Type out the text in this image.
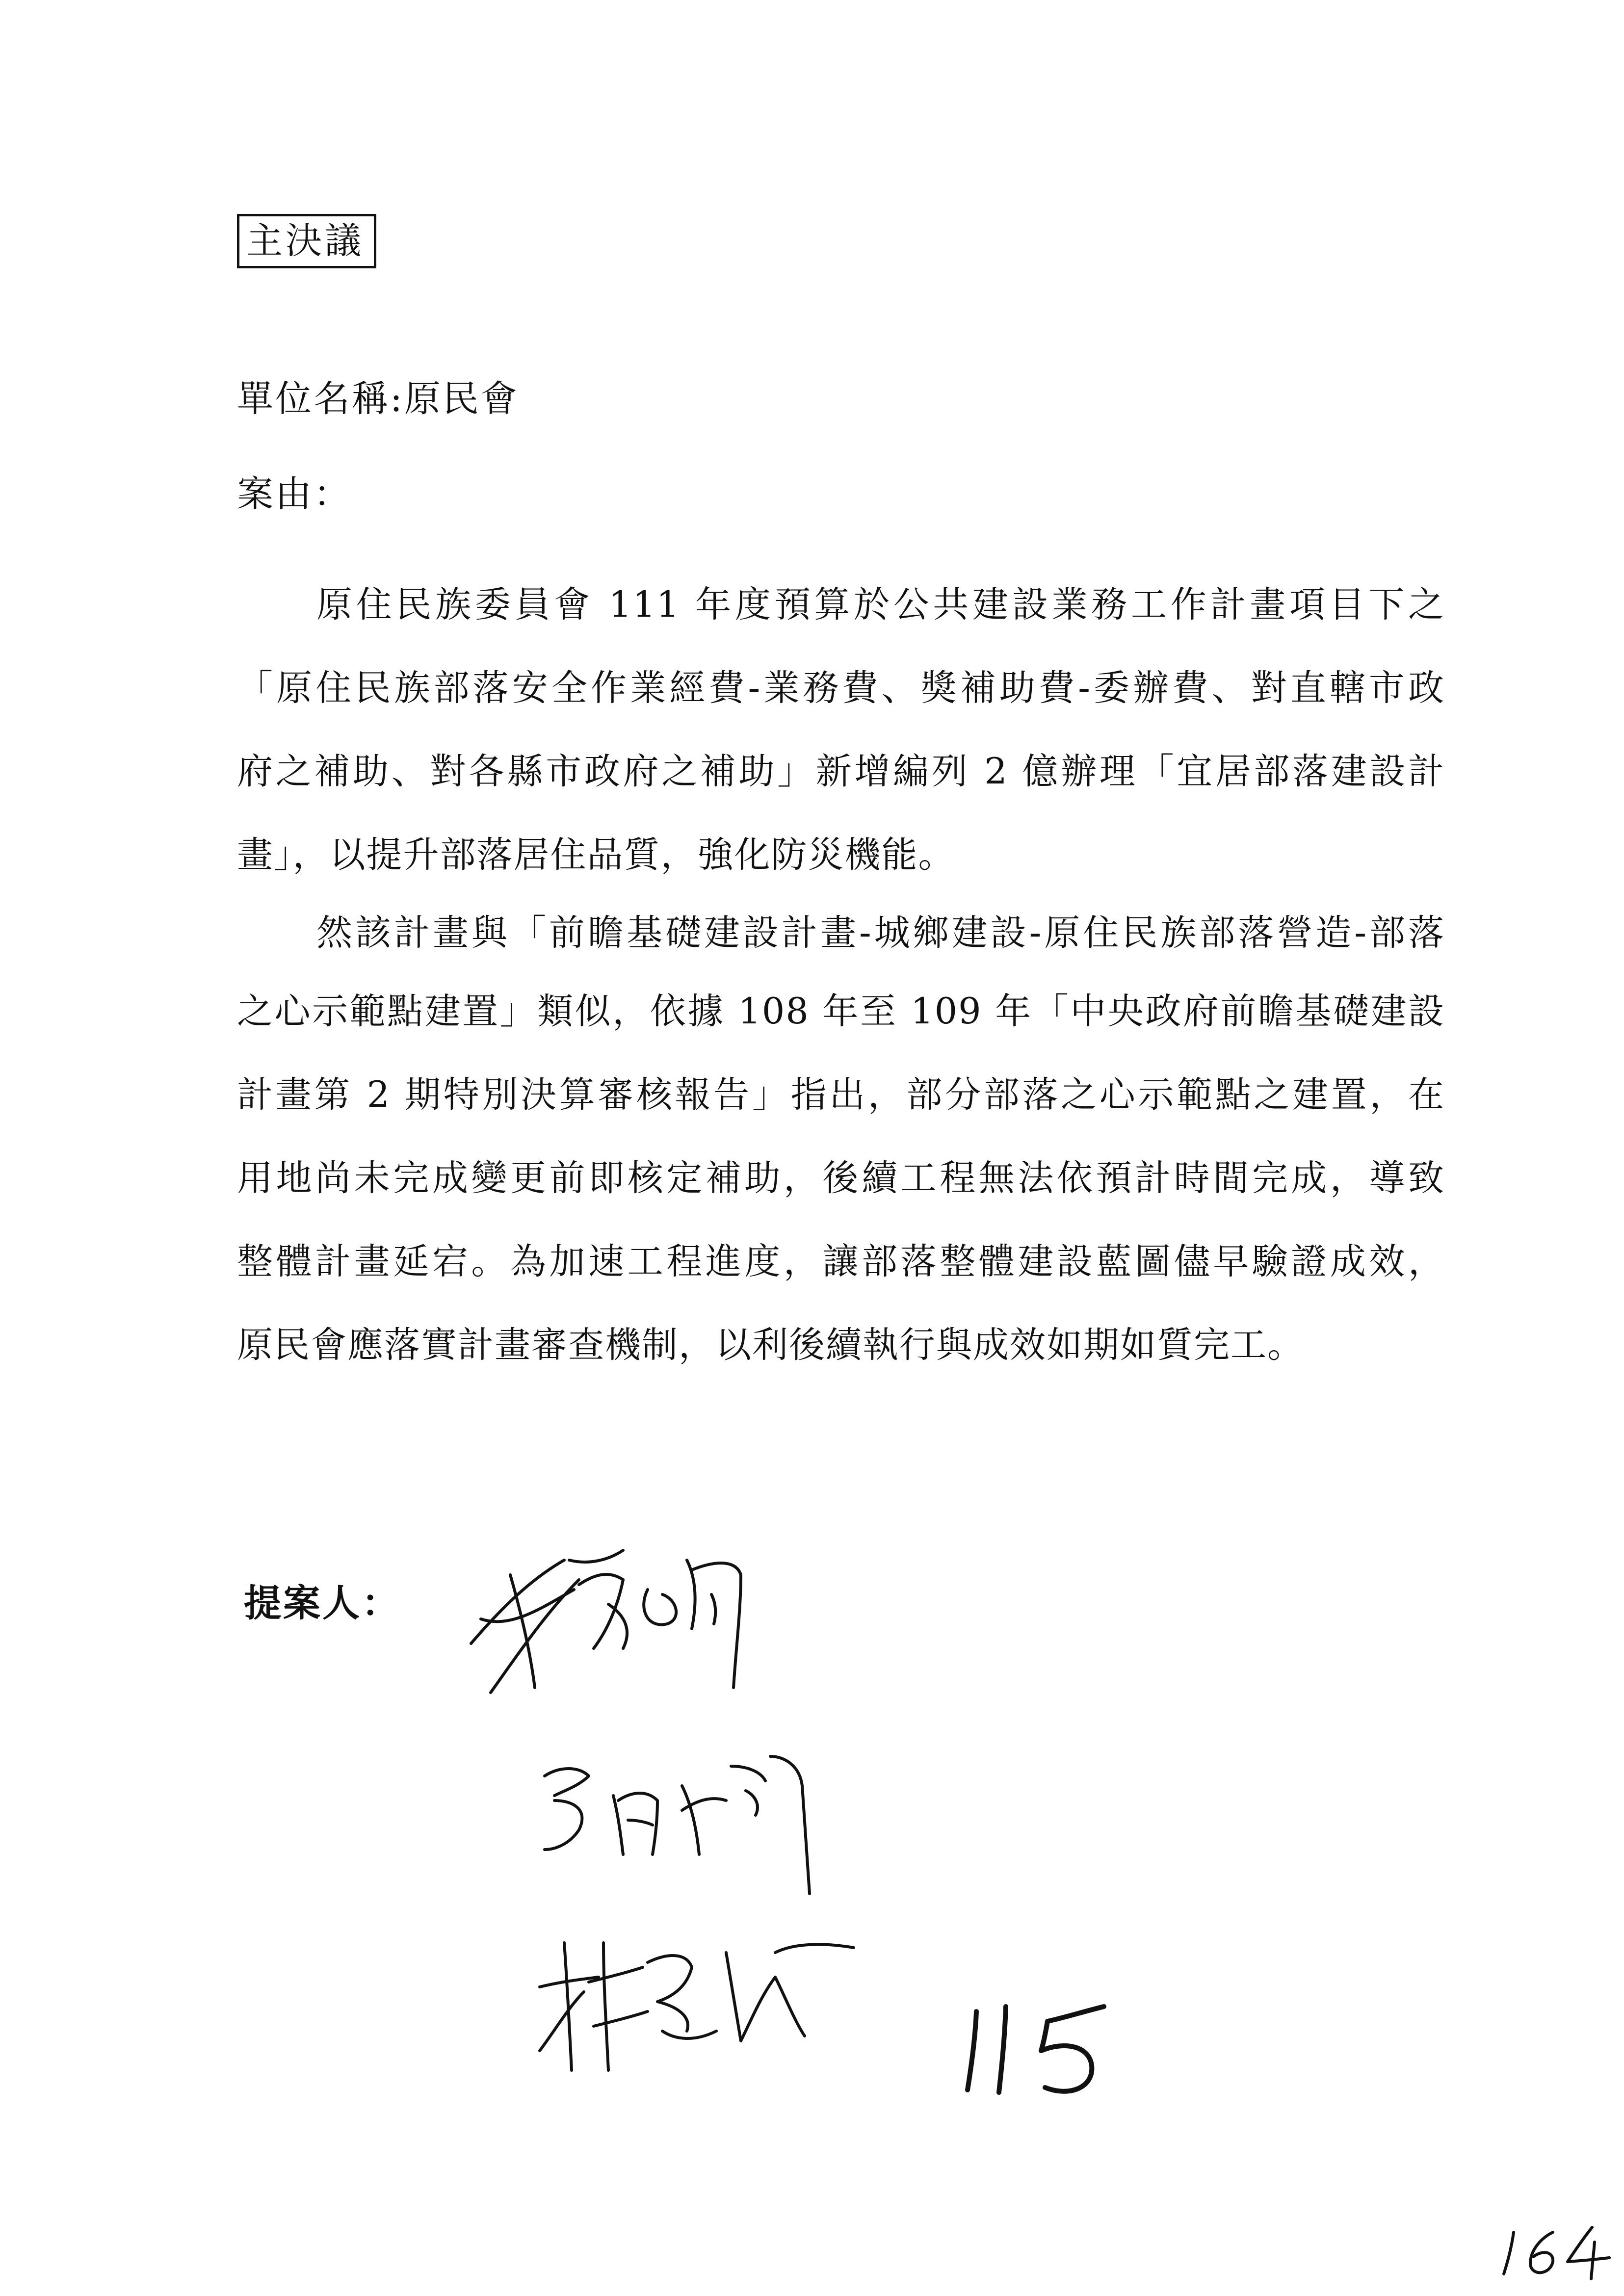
主決議
單位名稱:原民會
案由：
原住民族委員會 111 年度預算於公共建設業務工作計畫項目下之
「原住民族部落安全作業經費-業務費、獎補助費-委辦費、對直轄市政
府之補助、對各縣市政府之補助」新增編列 2 億辦理「宜居部落建設計
畫」，以提升部落居住品質，強化防災機能。
然該計畫與「前瞻基礎建設計畫-城鄉建設-原住民族部落營造-部落
之心示範點建置」類似，依據 108 年至 109 年「中央政府前瞻基礎建設
計畫第 2 期特別決算審核報告」指出，部分部落之心示範點之建置，在
用地尚未完成變更前即核定補助，後續工程無法依預計時間完成，導致
整體計畫延宕。為加速工程進度，讓部落整體建設藍圖儘早驗證成效，
原民會應落實計畫審查機制，以利後續執行與成效如期如質完工。
提案人：
